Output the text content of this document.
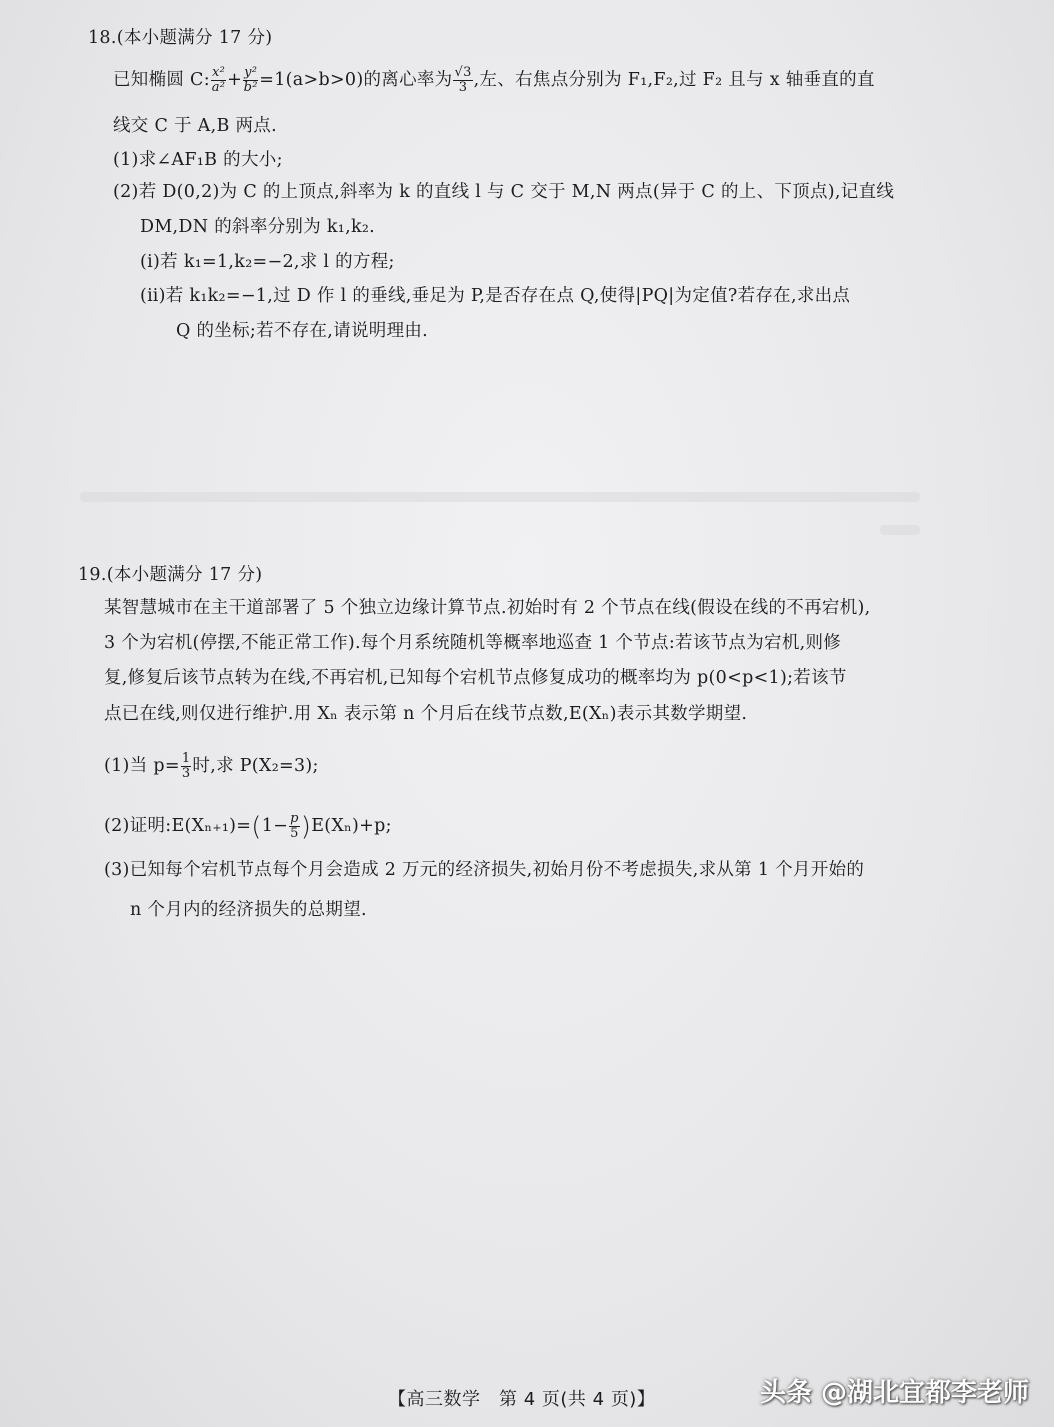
18.(本小题满分 17 分)
已知椭圆 C: $\frac{\text{x²}}{\text{a²}} + \frac{\text{y²}}{\text{b²}} =1(a>b>0)$的离心率为 $\frac{√3}{3}$ ,左、右焦点分别为 F₁,F₂,过 F₂ 且与 x 轴垂直的直
线交 C 于 A,B 两点.
(1)求∠AF₁B 的大小;
(2)若 D(0,2)为 C 的上顶点,斜率为 k 的直线 l 与 C 交于 M,N 两点(异于 C 的上、下顶点),记直线
DM,DN 的斜率分别为 k₁,k₂.
(ⅰ)若 k₁=1,k₂=−2,求 l 的方程;
(ⅱ)若 k₁k₂=−1,过 D 作 l 的垂线,垂足为 P,是否存在点 Q,使得|PQ|为定值?若存在,求出点
Q 的坐标;若不存在,请说明理由.
19.(本小题满分 17 分)
某智慧城市在主干道部署了 5 个独立边缘计算节点.初始时有 2 个节点在线(假设在线的不再宕机),
3 个为宕机(停摆,不能正常工作).每个月系统随机等概率地巡查 1 个节点:若该节点为宕机,则修
复,修复后该节点转为在线,不再宕机,已知每个宕机节点修复成功的概率均为 p(0<p<1);若该节
点已在线,则仅进行维护.用 Xₙ 表示第 n 个月后在线节点数,E(Xₙ)表示其数学期望.
(1)当 $p= \frac{1}{3}$ 时,求 P(X₂=3);
(2)证明:E(Xₙ₊₁)=(1− $\frac{p}{5} )E(X_n)+p$;
(3)已知每个宕机节点每个月会造成 2 万元的经济损失,初始月份不考虑损失,求从第 1 个月开始的
n 个月内的经济损失的总期望.
【高三数学　第 4 页(共 4 页)】	头条 @湖北宜都李老师
